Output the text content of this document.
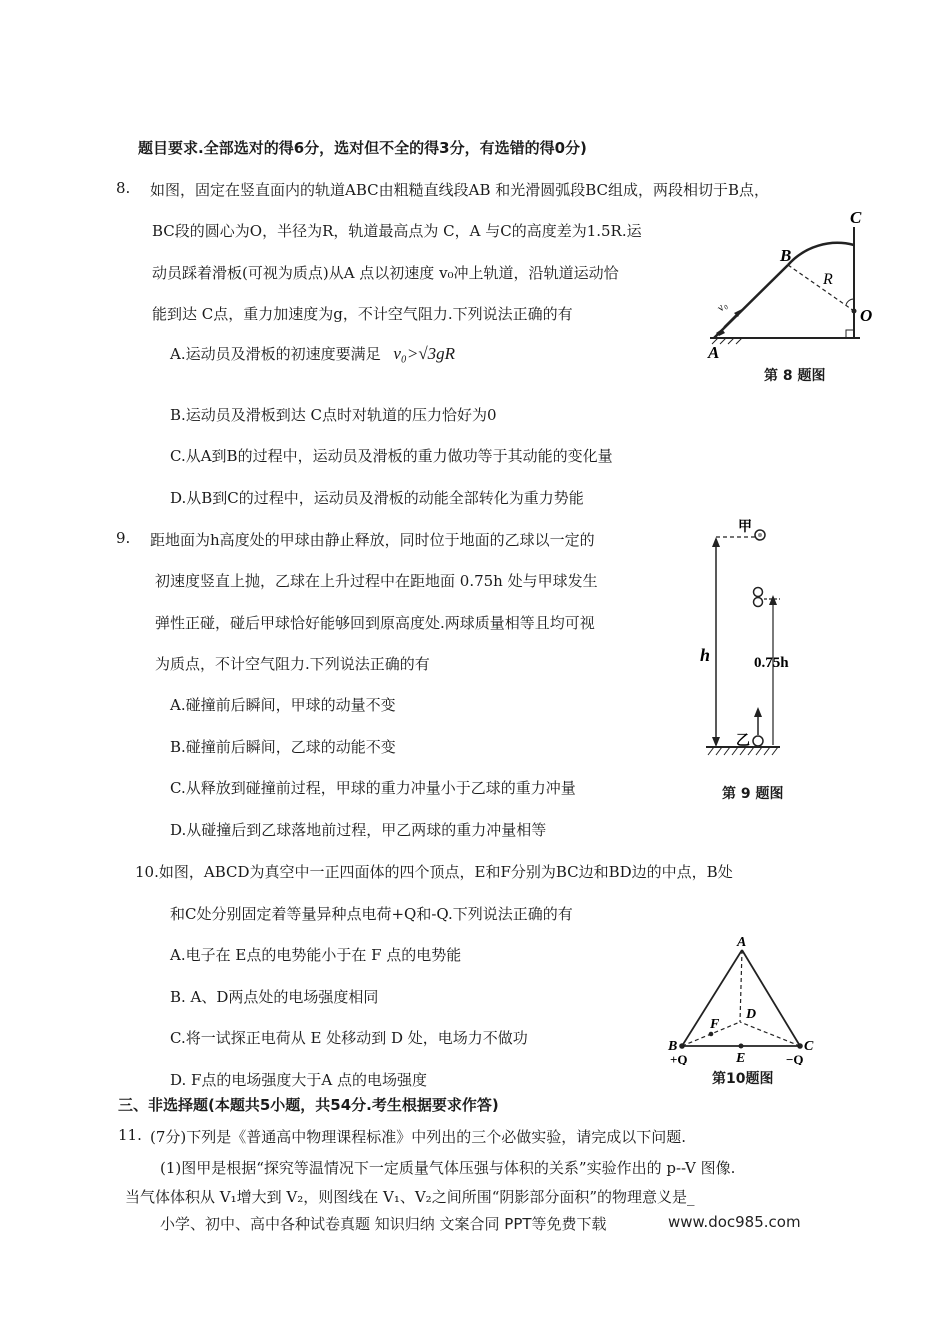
题目要求.全部选对的得6分，选对但不全的得3分，有选错的得0分)
8. 如图，固定在竖直面内的轨道ABC由粗糙直线段AB 和光滑圆弧段BC组成，两段相切于B点，
BC段的圆心为O，半径为R，轨道最高点为 C，A 与C的高度差为1.5R.运
动员踩着滑板(可视为质点)从A 点以初速度 v₀冲上轨道，沿轨道运动恰
能到达 C点，重力加速度为g，不计空气阻力.下列说法正确的有
A.运动员及滑板的初速度要满足 v₀>√3gR
B.运动员及滑板到达 C点时对轨道的压力恰好为0
C.从A到B的过程中，运动员及滑板的重力做功等于其动能的变化量
D.从B到C的过程中，运动员及滑板的动能全部转化为重力势能
A
B
C
O
R
v₀
第 8 题图
9. 距地面为h高度处的甲球由静止释放，同时位于地面的乙球以一定的
初速度竖直上抛，乙球在上升过程中在距地面 0.75h 处与甲球发生
弹性正碰，碰后甲球恰好能够回到原高度处.两球质量相等且均可视
为质点，不计空气阻力.下列说法正确的有
A.碰撞前后瞬间，甲球的动量不变
B.碰撞前后瞬间，乙球的动能不变
C.从释放到碰撞前过程，甲球的重力冲量小于乙球的重力冲量
D.从碰撞后到乙球落地前过程，甲乙两球的重力冲量相等
甲
h	0.75h
乙
第 9 题图
10.如图，ABCD为真空中一正四面体的四个顶点，E和F分别为BC边和BD边的中点，B处
和C处分别固定着等量异种点电荷+Q和-Q.下列说法正确的有
A.电子在 E点的电势能小于在 F 点的电势能
B. A、D两点处的电场强度相同
C.将一试探正电荷从 E 处移动到 D 处，电场力不做功
D. F点的电场强度大于A 点的电场强度
A
B	C
D
E
F
+Q	−Q
第10题图
三、非选择题(本题共5小题，共54分.考生根据要求作答)
11. (7分)下列是《普通高中物理课程标准》中列出的三个必做实验，请完成以下问题.
(1)图甲是根据“探究等温情况下一定质量气体压强与体积的关系”实验作出的 p--V 图像.
当气体体积从 V₁增大到 V₂，则图线在 V₁、V₂之间所围“阴影部分面积”的物理意义是_
小学、初中、高中各种试卷真题 知识归纳 文案合同 PPT等免费下载	www.doc985.com
